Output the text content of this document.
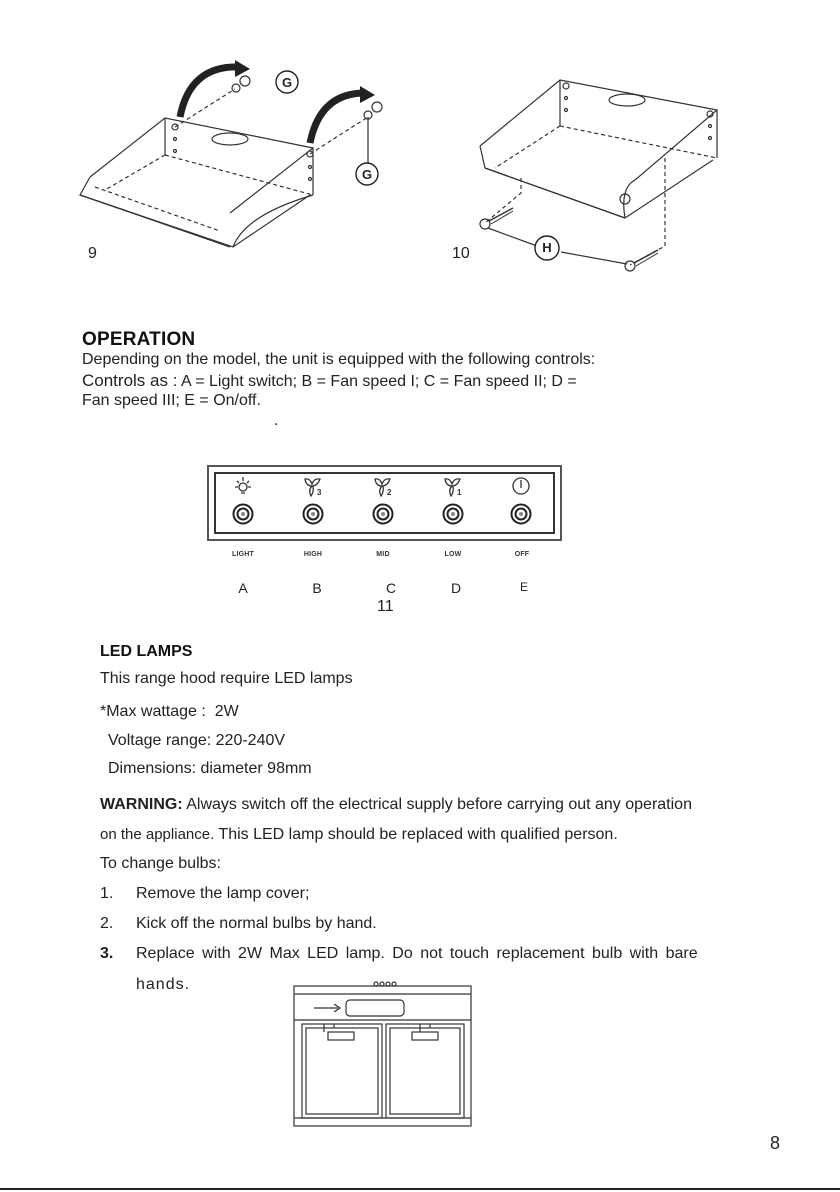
G
G
9	H
10
OPERATION
Depending on the model, the unit is equipped with the following controls:
Controls as : A = Light switch; B = Fan speed I; C = Fan speed II; D =
Fan speed III; E = On/off.
.
3	2	1
LIGHT	HIGH	MID	LOW	OFF
A	B	C	D	E
11
LED LAMPS
This range hood require LED lamps
*Max wattage :  2W
Voltage range: 220-240V
Dimensions: diameter 98mm
WARNING: Always switch off the electrical supply before carrying out any operation
on the appliance. This LED lamp should be replaced with qualified person.
To change bulbs:
1. Remove the lamp cover;
2. Kick off the normal bulbs by hand.
3. Replace with 2W Max LED lamp. Do not touch replacement bulb with bare
hands.
8
